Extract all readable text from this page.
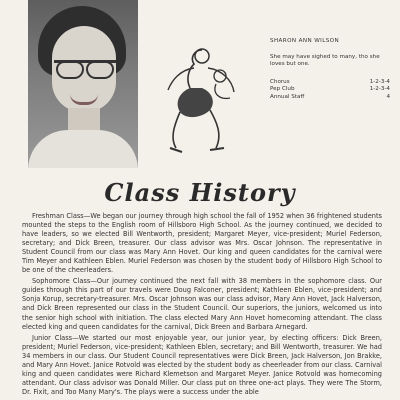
SHARON ANN WILSON
She may have sighed to many, tho she loves but one.
Chorus	1-2-3-4
Pep Club	1-2-3-4
Annual Staff	4
Class History

Freshman Class—We began our journey through high school the fall of 1952 when 36 frightened students mounted the steps to the English room of Hillsboro High School. As the journey continued, we decided to have leaders, so we elected Bill Wentworth, president; Margaret Meyer, vice-president; Muriel Federson, secretary; and Dick Breen, treasurer. Our class advisor was Mrs. Oscar Johnson. The representative in Student Council from our class was Mary Ann Hovet. Our king and queen candidates for the carnival were Tim Meyer and Kathleen Eblen. Muriel Federson was chosen by the student body of Hillsboro High School to be one of the cheerleaders.

Sophomore Class—Our journey continued the next fall with 38 members in the sophomore class. Our guides through this part of our travels were Doug Falconer, president; Kathleen Eblen, vice-president; and Sonja Korup, secretary-treasurer. Mrs. Oscar Johnson was our class advisor, Mary Ann Hovet, Jack Halverson, and Dick Breen represented our class in the Student Council. Our superiors, the juniors, welcomed us into the senior high school with initiation. The class elected Mary Ann Hovet homecoming attendant. The class elected king and queen candidates for the carnival, Dick Breen and Barbara Arnegard.

Junior Class—We started our most enjoyable year, our junior year, by electing officers: Dick Breen, president; Muriel Federson, vice-president; Kathleen Eblen, secretary; and Bill Wentworth, treasurer. We had 34 members in our class. Our Student Council representatives were Dick Breen, Jack Halverson, Jon Brakke, and Mary Ann Hovet. Janice Rotvold was elected by the student body as cheerleader from our class. Carnival king and queen candidates were Richard Klemetson and Margaret Meyer. Janice Rotvold was homecoming attendant. Our class advisor was Donald Miller. Our class put on three one-act plays. They were The Storm, Dr. Fixit, and Too Many Mary's. The plays were a success under the able
